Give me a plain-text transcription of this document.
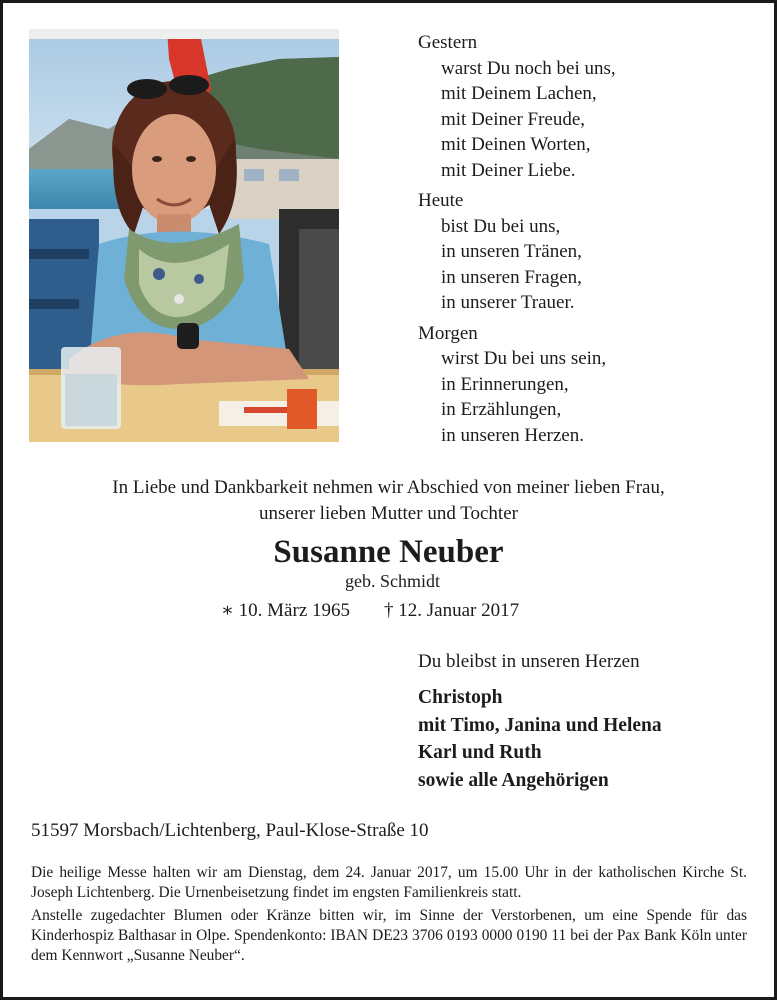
Gestern
warst Du noch bei uns,
mit Deinem Lachen,
mit Deiner Freude,
mit Deinen Worten,
mit Deiner Liebe.
Heute
bist Du bei uns,
in unseren Tränen,
in unseren Fragen,
in unserer Trauer.
Morgen
wirst Du bei uns sein,
in Erinnerungen,
in Erzählungen,
in unseren Herzen.
In Liebe und Dankbarkeit nehmen wir Abschied von meiner lieben Frau,
unserer lieben Mutter und Tochter
Susanne Neuber
geb. Schmidt
∗ 10. März 1965 † 12. Januar 2017
Du bleibst in unseren Herzen
Christoph
mit Timo, Janina und Helena
Karl und Ruth
sowie alle Angehörigen
51597 Morsbach/Lichtenberg, Paul-Klose-Straße 10

Die heilige Messe halten wir am Dienstag, dem 24. Januar 2017, um 15.00 Uhr in der katholischen Kirche St. Joseph Lichtenberg. Die Urnenbeisetzung findet im engsten Familienkreis statt.

Anstelle zugedachter Blumen oder Kränze bitten wir, im Sinne der Verstorbenen, um eine Spende für das Kinderhospiz Balthasar in Olpe. Spendenkonto: IBAN DE23 3706 0193 0000 0190 11 bei der Pax Bank Köln unter dem Kennwort „Susanne Neuber“.
